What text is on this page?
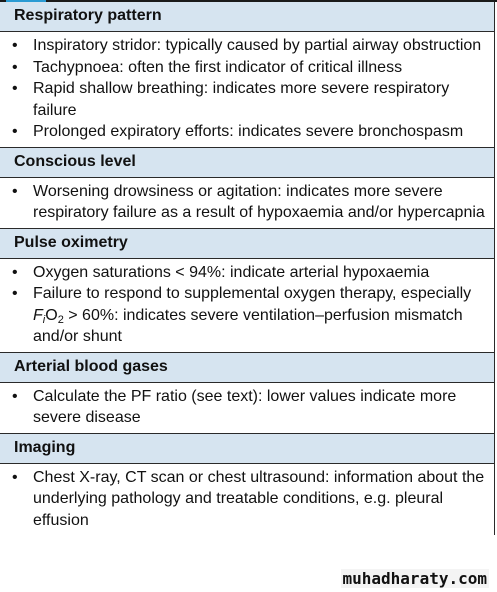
Respiratory pattern
• Inspiratory stridor: typically caused by partial airway obstruction
• Tachypnoea: often the first indicator of critical illness
• Rapid shallow breathing: indicates more severe respiratory failure
• Prolonged expiratory efforts: indicates severe bronchospasm
Conscious level
• Worsening drowsiness or agitation: indicates more severe respiratory failure as a result of hypoxaemia and/or hypercapnia
Pulse oximetry
• Oxygen saturations < 94%: indicate arterial hypoxaemia
• Failure to respond to supplemental oxygen therapy, especially $F_iO_2 > 60\%$: indicates severe ventilation–perfusion mismatch and/or shunt
Arterial blood gases
• Calculate the PF ratio (see text): lower values indicate more severe disease
Imaging
• Chest X-ray, CT scan or chest ultrasound: information about the underlying pathology and treatable conditions, e.g. pleural effusion
muhadharaty.com
